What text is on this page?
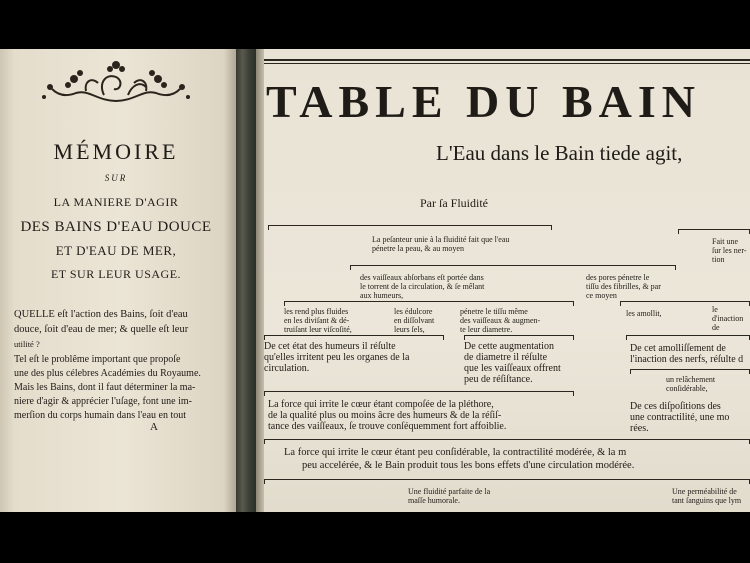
MÉMOIRE
SUR
LA MANIERE D'AGIR
DES BAINS D'EAU DOUCE
ET D'EAU DE MER,
ET SUR LEUR USAGE.
QUELLE eſt l'action des Bains, ſoit d'eau
douce, ſoit d'eau de mer; & quelle eſt leur
utilité ?
Tel eſt le problême important que propoſe
une des plus célebres Académies du Royaume.
Mais les Bains, dont il faut déterminer la ma-
niere d'agir & apprécier l'uſage, font une im-
merſion du corps humain dans l'eau en tout
A
TABLE DU BAIN
L'Eau dans le Bain tiede agit,
Par ſa Fluidité
La peſanteur unie à la fluidité fait que l'eau
pénetre la peau, & au moyen
Fait une
ſur les ner-
tion
des vaiſſeaux abſorbans eſt portée dans
le torrent de la circulation, & ſe mêlant
aux humeurs,
des pores pénetre le
tiſſu des fibrilles, & par
ce moyen
les rend plus fluides
en les diviſant & dé-
truiſant leur viſcoſité,
les édulcore
en diſſolvant
leurs ſels,
pénetre le tiſſu même
des vaiſſeaux & augmen-
te leur diametre.
les amollit,	le
d'inaction
de
De cet état des humeurs il réſulte
qu'elles irritent peu les organes de la
circulation.
De cette augmentation
de diametre il réſulte
que les vaiſſeaux offrent
peu de réſiſtance.
De cet amolliſſement de
l'inaction des nerfs, réſulte d
un relâchement
conſidérable,
La force qui irrite le cœur étant compoſée de la pléthore,
de la qualité plus ou moins âcre des humeurs & de la réſiſ-
tance des vaiſſeaux, ſe trouve conſéquemment fort affoiblie.
De ces diſpoſitions des
une contractilité, une mo
rées.
La force qui irrite le cœur étant peu conſidérable, la contractilité modérée, & la m
peu accelérée, & le Bain produit tous les bons effets d'une circulation modérée.
Une fluidité parfaite de la
maſſe humorale.
Une perméabilité de
tant ſanguins que lym
